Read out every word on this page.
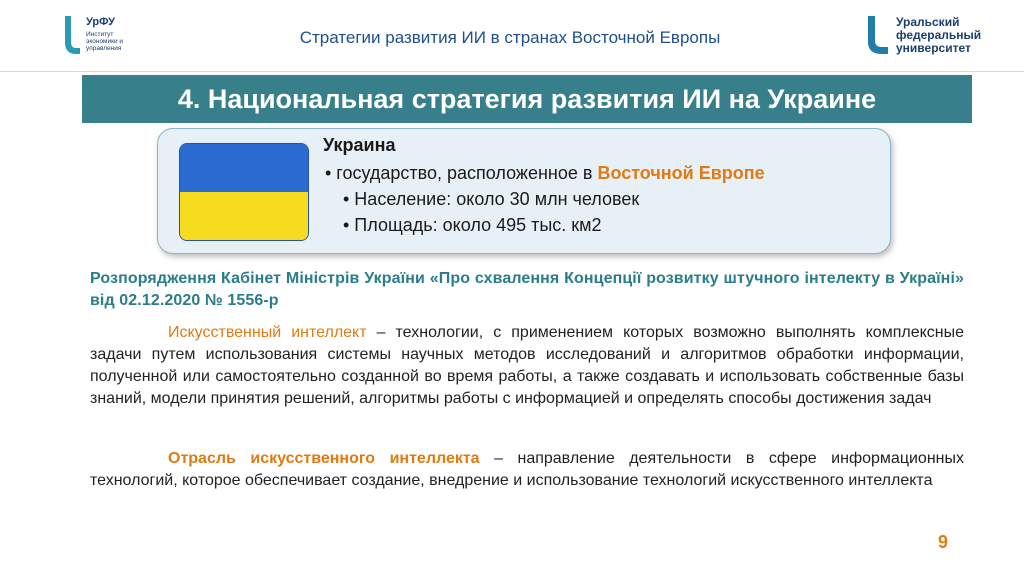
УрФУ
Институт экономики и управления
Стратегии развития ИИ в странах Восточной Европы
Уральский
федеральный
университет
4. Национальная стратегия развития ИИ на Украине
Украина
• государство, расположенное в Восточной Европе
• Население: около 30 млн человек
• Площадь: около 495 тыс. км2
Розпорядження Кабінет Міністрів України «Про схвалення Концепції розвитку штучного інтелекту в Україні» від 02.12.2020 № 1556-р
Искусственный интеллект – технологии, с применением которых возможно выполнять комплексные задачи путем использования системы научных методов исследований и алгоритмов обработки информации, полученной или самостоятельно созданной во время работы, а также создавать и использовать собственные базы знаний, модели принятия решений, алгоритмы работы с информацией и определять способы достижения задач
Отрасль искусственного интеллекта – направление деятельности в сфере информационных технологий, которое обеспечивает создание, внедрение и использование технологий искусственного интеллекта
9
